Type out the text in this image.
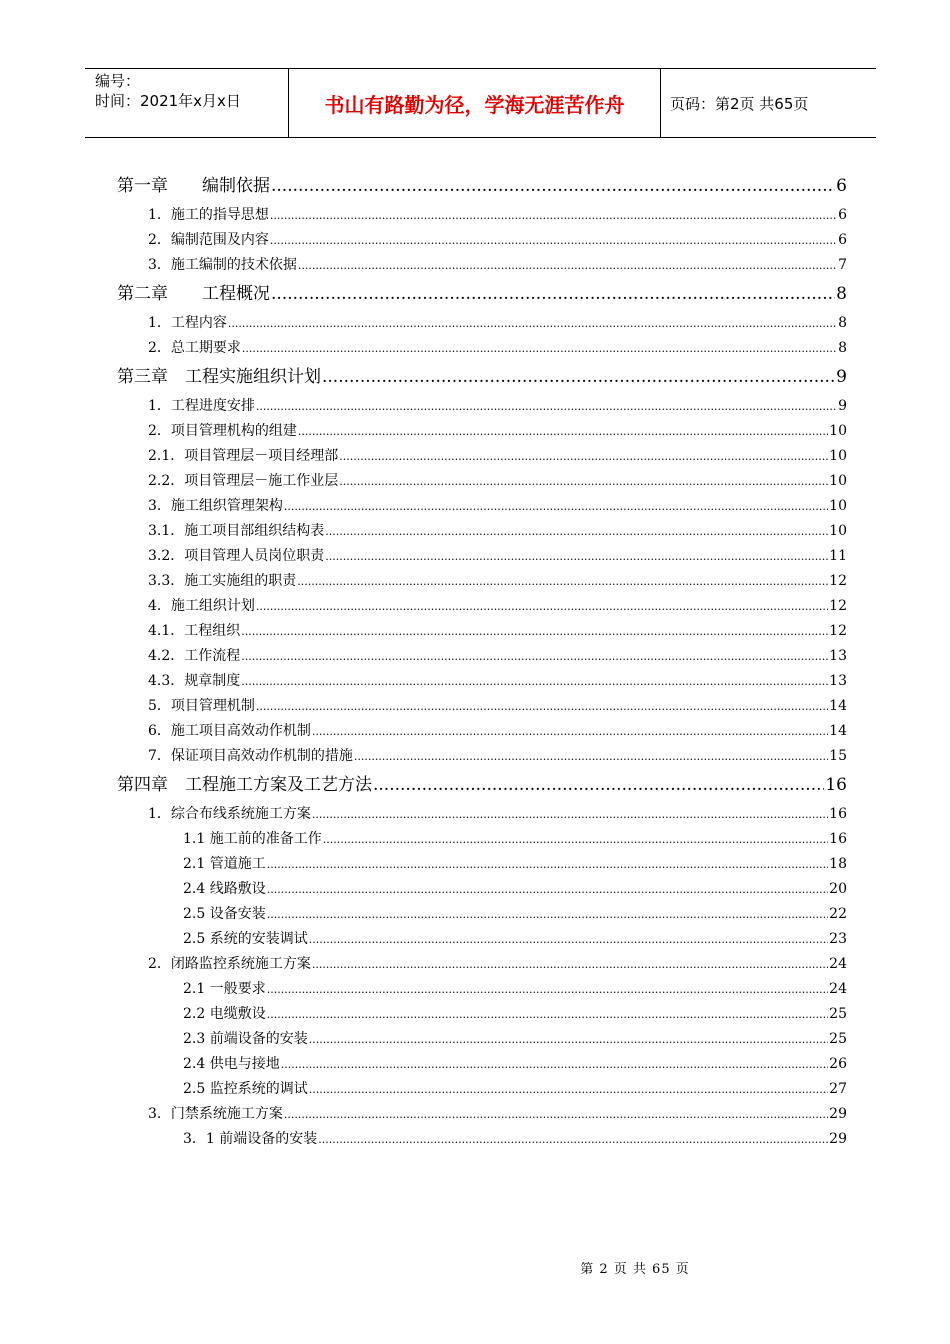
编号：
时间：2021年x月x日	书山有路勤为径，学海无涯苦作舟	页码：第2页 共65页
第一章　　编制依据 .....	6
1．施工的指导思想 .....	6
2．编制范围及内容 .....	6
3．施工编制的技术依据 .....	7
第二章　　工程概况 .....	8
1．工程内容 .....	8
2．总工期要求 .....	8
第三章　工程实施组织计划 .....	9
1．工程进度安排 .....	9
2．项目管理机构的组建 .....	10
2.1．项目管理层－项目经理部 .....	10
2.2．项目管理层－施工作业层 .....	10
3．施工组织管理架构 .....	10
3.1．施工项目部组织结构表 .....	10
3.2．项目管理人员岗位职责 .....	11
3.3．施工实施组的职责 .....	12
4．施工组织计划 .....	12
4.1．工程组织 .....	12
4.2．工作流程 .....	13
4.3．规章制度 .....	13
5．项目管理机制 .....	14
6．施工项目高效动作机制 .....	14
7．保证项目高效动作机制的措施 .....	15
第四章　工程施工方案及工艺方法 .....	16
1．综合布线系统施工方案 .....	16
1.1 施工前的准备工作 .....	16
2.1 管道施工 .....	18
2.4 线路敷设 .....	20
2.5 设备安装 .....	22
2.5 系统的安装调试 .....	23
2．闭路监控系统施工方案 .....	24
2.1 一般要求 .....	24
2.2 电缆敷设 .....	25
2.3 前端设备的安装 .....	25
2.4 供电与接地 .....	26
2.5 监控系统的调试 .....	27
3．门禁系统施工方案 .....	29
3．1 前端设备的安装 .....	29
第 2 页 共 65 页
